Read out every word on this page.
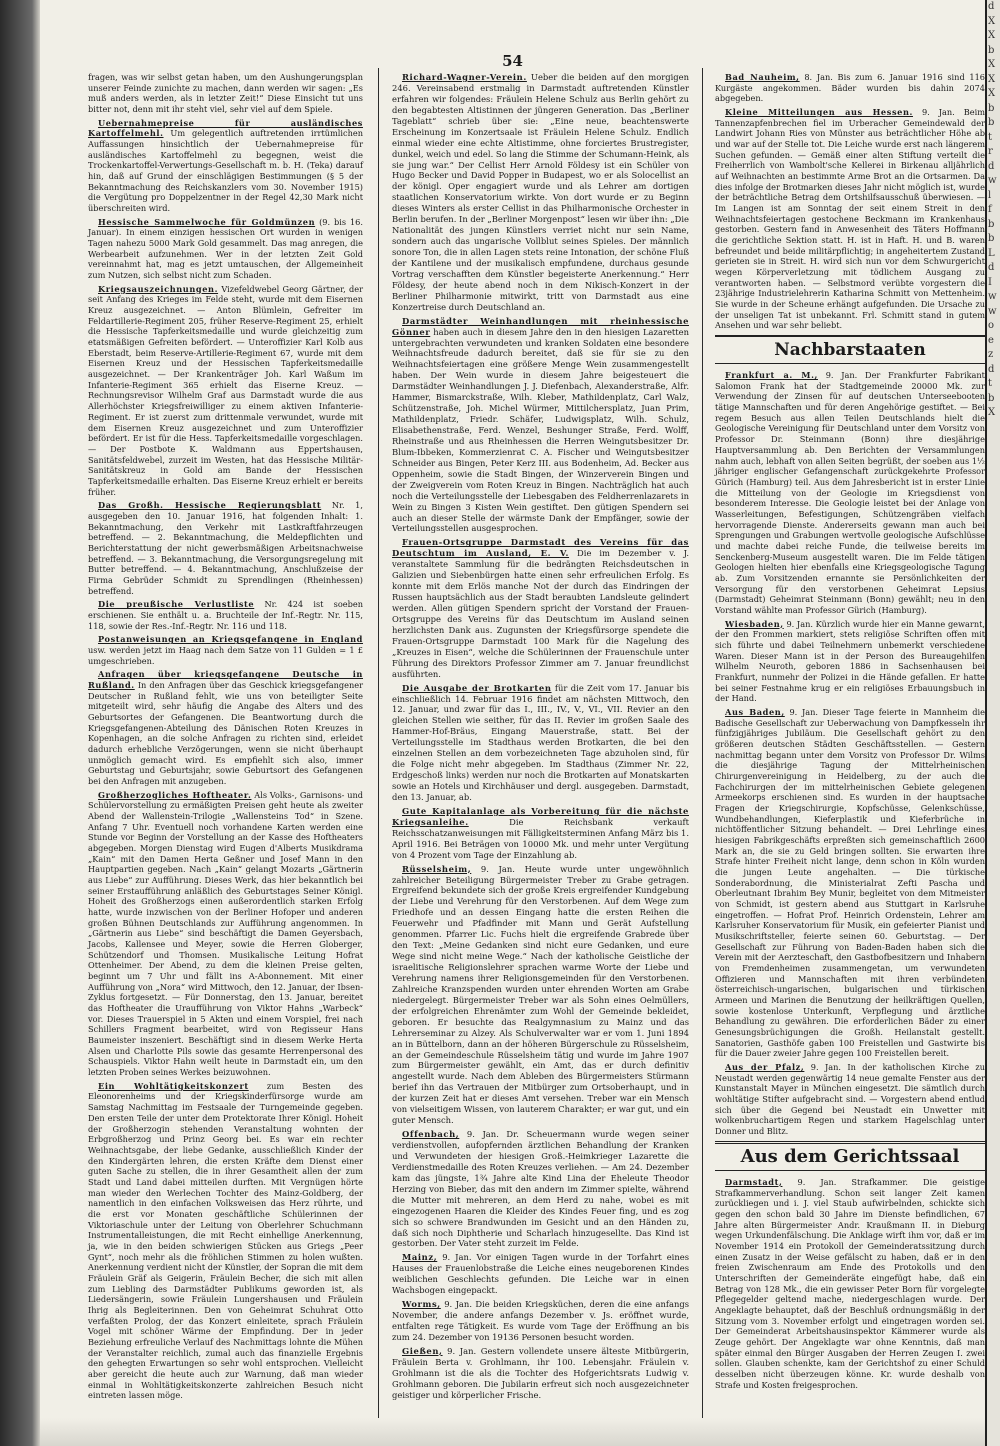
54

fragen, was wir selbst getan haben, um den Aushungerungsplan unserer Feinde zunichte zu machen, dann werden wir sagen: „Es muß anders werden, als in letzter Zeit!“ Diese Einsicht tut uns bitter not, denn mit ihr steht viel, sehr viel auf dem Spiele.

Uebernahmepreise für ausländisches Kartoffelmehl. Um gelegentlich auftretenden irrtümlichen Auffassungen hinsichtlich der Uebernahmepreise für ausländisches Kartoffelmehl zu begegnen, weist die Trockenkartoffel-Verwertungs-Gesellschaft m. b. H. (Teka) darauf hin, daß auf Grund der einschlägigen Bestimmungen (§ 5 der Bekanntmachung des Reichskanzlers vom 30. November 1915) die Vergütung pro Doppelzentner in der Regel 42,30 Mark nicht überschreiten wird.

Hessische Sammelwoche für Goldmünzen (9. bis 16. Januar). In einem einzigen hessischen Ort wurden in wenigen Tagen nahezu 5000 Mark Gold gesammelt. Das mag anregen, die Werbearbeit aufzunehmen. Wer in der letzten Zeit Gold vereinnahmt hat, mag es jetzt umtauschen, der Allgemeinheit zum Nutzen, sich selbst nicht zum Schaden.

Kriegsauszeichnungen. Vizefeldwebel Georg Gärtner, der seit Anfang des Krieges im Felde steht, wurde mit dem Eisernen Kreuz ausgezeichnet. — Anton Blümlein, Gefreiter im Feldartillerie-Regiment 205, früher Reserve-Regiment 25, erhielt die Hessische Tapferkeitsmedaille und wurde gleichzeitig zum etatsmäßigen Gefreiten befördert. — Unteroffizier Karl Kolb aus Eberstadt, beim Reserve-Artillerie-Regiment 67, wurde mit dem Eisernen Kreuz und der Hessischen Tapferkeitsmedaille ausgezeichnet. — Der Krankenträger Joh. Karl Waßum im Infanterie-Regiment 365 erhielt das Eiserne Kreuz. — Rechnungsrevisor Wilhelm Graf aus Darmstadt wurde die aus Allerhöchster Kriegsfreiwilliger zu einem aktiven Infanterie-Regiment. Er ist zuerst zum drittenmale verwundet, wurde mit dem Eisernen Kreuz ausgezeichnet und zum Unteroffizier befördert. Er ist für die Hess. Tapferkeitsmedaille vorgeschlagen. — Der Postbote K. Waldmann aus Eppertshausen, Sanitätsfeldwebel, zurzeit im Westen, hat das Hessische Militär-Sanitätskreuz in Gold am Bande der Hessischen Tapferkeitsmedaille erhalten. Das Eiserne Kreuz erhielt er bereits früher.

Das Großh. Hessische Regierungsblatt Nr. 1, ausgegeben den 10. Januar 1916, hat folgenden Inhalt: 1. Bekanntmachung, den Verkehr mit Lastkraftfahrzeugen betreffend. — 2. Bekanntmachung, die Meldepflichten und Berichterstattung der nicht gewerbsmäßigen Arbeitsnachweise betreffend. — 3. Bekanntmachung, die Versorgungsregelung mit Butter betreffend. — 4. Bekanntmachung, Anschlußzeise der Firma Gebrüder Schmidt zu Sprendlingen (Rheinhessen) betreffend.

Die preußische Verlustliste Nr. 424 ist soeben erschienen. Sie enthält u. a. Bruchteile der Inf.-Regtr. Nr. 115, 118, sowie der Res.-Inf.-Regtr. Nr. 116 und 118.

Postanweisungen an Kriegsgefangene in England usw. werden jetzt im Haag nach dem Satze von 11 Gulden = 1 £ umgeschrieben.

Anfragen über kriegsgefangene Deutsche in Rußland. In den Anfragen über das Geschick kriegsgefangener Deutscher in Rußland fehlt, wie uns von beteiligter Seite mitgeteilt wird, sehr häufig die Angabe des Alters und des Geburtsortes der Gefangenen. Die Beantwortung durch die Kriegsgefangenen-Abteilung des Dänischen Roten Kreuzes in Kopenhagen, an die solche Anfragen zu richten sind, erleidet dadurch erhebliche Verzögerungen, wenn sie nicht überhaupt unmöglich gemacht wird. Es empfiehlt sich also, immer Geburtstag und Geburtsjahr, sowie Geburtsort des Gefangenen bei den Anfragen mit anzugeben.

Großherzogliches Hoftheater. Als Volks-, Garnisons- und Schülervorstellung zu ermäßigten Preisen geht heute als zweiter Abend der Wallenstein-Trilogie „Wallensteins Tod“ in Szene. Anfang 7 Uhr. Eventuell noch vorhandene Karten werden eine Stunde vor Beginn der Vorstellung an der Kasse des Hoftheaters abgegeben. Morgen Dienstag wird Eugen d'Alberts Musikdrama „Kain“ mit den Damen Herta Geßner und Josef Mann in den Hauptpartien gegeben. Nach „Kain“ gelangt Mozarts „Gärtnerin aus Liebe“ zur Aufführung. Dieses Werk, das hier bekanntlich bei seiner Erstaufführung anläßlich des Geburtstages Seiner Königl. Hoheit des Großherzogs einen außerordentlich starken Erfolg hatte, wurde inzwischen von der Berliner Hofoper und anderen großen Bühnen Deutschlands zur Aufführung angenommen. In „Gärtnerin aus Liebe“ sind beschäftigt die Damen Geyersbach, Jacobs, Kallensee und Meyer, sowie die Herren Globerger, Schützendorf und Thomsen. Musikalische Leitung Hofrat Ottenheimer. Der Abend, zu dem die kleinen Preise gelten, beginnt um 7 Uhr und fällt ins A-Abonnement. Mit einer Aufführung von „Nora“ wird Mittwoch, den 12. Januar, der Ibsen-Zyklus fortgesetzt. — Für Donnerstag, den 13. Januar, bereitet das Hoftheater die Uraufführung von Viktor Hahns „Warbeck“ vor. Dieses Trauerspiel in 5 Akten und einem Vorspiel, frei nach Schillers Fragment bearbeitet, wird von Regisseur Hans Baumeister inszeniert. Beschäftigt sind in diesem Werke Herta Alsen und Charlotte Pils sowie das gesamte Herrenpersonal des Schauspiels. Viktor Hahn weilt heute in Darmstadt ein, um den letzten Proben seines Werkes beizuwohnen.

Ein Wohltätigkeitskonzert zum Besten des Eleonorenheims und der Kriegskinderfürsorge wurde am Samstag Nachmittag im Festsaale der Turngemeinde gegeben. Den ersten Teile der unter dem Protektorate Ihrer Königl. Hoheit der Großherzogin stehenden Veranstaltung wohnten der Erbgroßherzog und Prinz Georg bei. Es war ein rechter Weihnachtsgabe, der liebe Gedanke, ausschließlich Kinder der den Kindergärten lehren, die ersten Kräfte dem Dienst einer guten Sache zu stellen, die in ihrer Gesamtheit allen der zum Stadt und Land dabei mitteilen durften. Mit Vergnügen hörte man wieder den Werlechen Tochter des Mainz-Goldberg, der namentlich in den einfachen Volksweisen das Herz rührte, und die erst vor Monaten geschäftliche Schülerinnen der Viktoriaschule unter der Leitung von Oberlehrer Schuchmann Instrumentalleistungen, die mit Recht einhellige Anerkennung, ja, wie in den beiden schwierigen Stücken aus Griegs „Peer Gynt“, noch mehr als die fröhlichen Stimmen zu holen wußten. Anerkennung verdient nicht der Künstler, der Sopran die mit dem Fräulein Gräf als Geigerin, Fräulein Becher, die sich mit allen zum Liebling des Darmstädter Publikums geworden ist, als Liedersängerin, sowie Fräulein Lungershausen und Fräulein Ihrig als Begleiterinnen. Den von Geheimrat Schuhrat Otto verfaßten Prolog, der das Konzert einleitete, sprach Fräulein Vogel mit schöner Wärme der Empfindung. Der in jeder Beziehung erfreuliche Verlauf des Nachmittags lohnte die Mühen der Veranstalter reichlich, zumal auch das finanzielle Ergebnis den gehegten Erwartungen so sehr wohl entsprochen. Vielleicht aber gereicht die heute auch zur Warnung, daß man wieder einmal in Wohltätigkeitskonzerte zahlreichen Besuch nicht eintreten lassen möge.

Richard-Wagner-Verein. Ueber die beiden auf den morgigen 246. Vereinsabend erstmalig in Darmstadt auftretenden Künstler erfahren wir folgendes: Fräulein Helene Schulz aus Berlin gehört zu den begabtesten Altistinnen der jüngeren Generation. Das „Berliner Tageblatt“ schrieb über sie: „Eine neue, beachtenswerte Erscheinung im Konzertsaale ist Fräulein Helene Schulz. Endlich einmal wieder eine echte Altistimme, ohne forciertes Brustregister, dunkel, weich und edel. So lang die Stimme der Schumann-Heink, als sie jung war.“ Der Cellist Herr Arnold Földesy ist ein Schüler von Hugo Becker und David Popper in Budapest, wo er als Solocellist an der königl. Oper engagiert wurde und als Lehrer am dortigen staatlichen Konservatorium wirkte. Von dort wurde er zu Beginn dieses Winters als erster Cellist in das Philharmonische Orchester in Berlin berufen. In der „Berliner Morgenpost“ lesen wir über ihn: „Die Nationalität des jungen Künstlers verriet nicht nur sein Name, sondern auch das ungarische Vollblut seines Spieles. Der männlich sonore Ton, die in allen Lagen stets reine Intonation, der schöne Fluß der Kantilene und der musikalisch empfundene, durchaus gesunde Vortrag verschafften dem Künstler begeisterte Anerkennung.“ Herr Földesy, der heute abend noch in dem Nikisch-Konzert in der Berliner Philharmonie mitwirkt, tritt von Darmstadt aus eine Konzertreise durch Deutschland an.

Darmstädter Weinhandlungen mit rheinhessische Gönner haben auch in diesem Jahre den in den hiesigen Lazaretten untergebrachten verwundeten und kranken Soldaten eine besondere Weihnachtsfreude dadurch bereitet, daß sie für sie zu den Weihnachtsfeiertagen eine größere Menge Wein zusammengestellt haben. Der Wein wurde in diesem Jahre beigesteuert die Darmstädter Weinhandlungen J. J. Diefenbach, Alexanderstraße, Alfr. Hammer, Bismarckstraße, Wilh. Kleber, Mathildenplatz, Carl Walz, Schützenstraße, Joh. Michel Würmer, Mittilchersplatz, Juan Prim, Mathildenplatz, Friedr. Schäfer, Ludwigsplatz, Wilh. Schulz, Elisabethenstraße, Ferd. Wenzel, Beshunger Straße, Ferd. Wolff, Rheinstraße und aus Rheinhessen die Herren Weingutsbesitzer Dr. Blum-Ibbeken, Kommerzienrat C. A. Fischer und Weingutsbesitzer Schneider aus Bingen, Peter Kerz III. aus Bodenheim, Ad. Becker aus Oppenheim, sowie die Stadt Bingen, der Winzerverein Bingen und der Zweigverein vom Roten Kreuz in Bingen. Nachträglich hat auch noch die Verteilungsstelle der Liebesgaben des Feldherrenlazarets in Wein zu Bingen 3 Kisten Wein gestiftet. Den gütigen Spendern sei auch an dieser Stelle der wärmste Dank der Empfänger, sowie der Verteilungsstellen ausgesprochen.

Frauen-Ortsgruppe Darmstadt des Vereins für das Deutschtum im Ausland, E. V. Die im Dezember v. J. veranstaltete Sammlung für die bedrängten Reichsdeutschen in Galizien und Siebenbürgen hatte einen sehr erfreulichen Erfolg. Es konnte mit dem Erlös manche Not der durch das Eindringen der Russen hauptsächlich aus der Stadt beraubten Landsleute gelindert werden. Allen gütigen Spendern spricht der Vorstand der Frauen-Ortsgruppe des Vereins für das Deutschtum im Ausland seinen herzlichsten Dank aus. Zugunsten der Kriegsfürsorge spendete die Frauen-Ortsgruppe Darmstadt 100 Mark für die Nagelung des „Kreuzes in Eisen“, welche die Schülerinnen der Frauenschule unter Führung des Direktors Professor Zimmer am 7. Januar freundlichst ausführten.

Die Ausgabe der Brotkarten für die Zeit vom 17. Januar bis einschließlich 14. Februar 1916 findet am nächsten Mittwoch, den 12. Januar, und zwar für das I., III., IV., V., VI., VII. Revier an den gleichen Stellen wie seither, für das II. Revier im großen Saale des Hammer-Hof-Bräus, Eingang Mauerstraße, statt. Bei der Verteilungsstelle im Stadthaus werden Brotkarten, die bei den einzelnen Stellen an dem vorbezeichneten Tage abzuholen sind, für die Folge nicht mehr abgegeben. Im Stadthaus (Zimmer Nr. 22, Erdgeschoß links) werden nur noch die Brotkarten auf Monatskarten sowie an Hotels und Kirchhäuser und dergl. ausgegeben. Darmstadt, den 13. Januar, ab.

Gute Kapitalanlage als Vorbereitung für die nächste Kriegsanleihe.	Die Reichsbank verkauft Reichsschatzanweisungen mit Fälligkeitsterminen Anfang März bis 1. April 1916. Bei Beträgen von 10000 Mk. und mehr unter Vergütung von 4 Prozent vom Tage der Einzahlung ab.

Rüsselsheim, 9. Jan. Heute wurde unter ungewöhnlich zahlreicher Beteiligung Bürgermeister Treber zu Grabe getragen. Ergreifend bekundete sich der große Kreis ergreifender Kundgebung der Liebe und Verehrung für den Verstorbenen. Auf dem Wege zum Friedhofe und an dessen Eingang hatte die ersten Reihen die Feuerwehr und Pfadfinder mit Mann und Gerät Aufstellung genommen. Pfarrer Lic. Fuchs hielt die ergreifende Grabrede über den Text: „Meine Gedanken sind nicht eure Gedanken, und eure Wege sind nicht meine Wege.“ Nach der katholische Geistliche der israelitische Religionslehrer sprachen warme Worte der Liebe und Verehrung namens ihrer Religionsgemeinden für den Verstorbenen. Zahlreiche Kranzspenden wurden unter ehrenden Worten am Grabe niedergelegt. Bürgermeister Treber war als Sohn eines Oelmüllers, der erfolgreichen Ehrenämter zum Wohl der Gemeinde bekleidet, geboren. Er besuchte das Realgymnasium zu Mainz und das Lehrerseminar zu Alzey. Als Schulverwalter war er vom 1. Juni 1894 an in Büttelborn, dann an der höheren Bürgerschule zu Rüsselsheim, an der Gemeindeschule Rüsselsheim tätig und wurde im Jahre 1907 zum Bürgermeister gewählt, ein Amt, das er durch definitiv angestellt wurde. Nach dem Ableben des Bürgermeisters Stürmann berief ihn das Vertrauen der Mitbürger zum Ortsoberhaupt, und in der kurzen Zeit hat er dieses Amt versehen. Treber war ein Mensch von vielseitigem Wissen, von lauterem Charakter; er war gut, und ein guter Mensch.

Offenbach, 9. Jan. Dr. Scheuermann wurde wegen seiner verdienstvollen, aufopfernden ärztlichen Behandlung der Kranken und Verwundeten der hiesigen Groß.-Heimkrieger Lazarette die Verdienstmedaille des Roten Kreuzes verliehen. — Am 24. Dezember kam das jüngste, 1¾ Jahre alte Kind Lina der Eheleute Theodor Herzing von Bieber, das mit den andern im Zimmer spielte, während die Mutter mit mehreren, an dem Herd zu nahe, wobei es mit eingezogenen Haaren die Kleider des Kindes Feuer fing, und es zog sich so schwere Brandwunden im Gesicht und an den Händen zu, daß sich noch Diphtherie und Scharlach hinzugesellte. Das Kind ist gestorben. Der Vater steht zurzeit im Felde.

Mainz, 9. Jan. Vor einigen Tagen wurde in der Torfahrt eines Hauses der Frauenlobstraße die Leiche eines neugeborenen Kindes weiblichen Geschlechts gefunden. Die Leiche war in einen Wachsbogen eingepackt.

Worms, 9. Jan. Die beiden Kriegsküchen, deren die eine anfangs November, die andere anfangs Dezember v. Js. eröffnet wurde, entfalten rege Tätigkeit. Es wurde vom Tage der Eröffnung an bis zum 24. Dezember von 19136 Personen besucht worden.

Gießen, 9. Jan. Gestern vollendete unsere älteste Mitbürgerin, Fräulein Berta v. Grohlmann, ihr 100. Lebensjahr. Fräulein v. Grohlmann ist die als die Tochter des Hofgerichtsrats Ludwig v. Grohlmann geboren. Die Jubilarin erfreut sich noch ausgezeichneter geistiger und körperlicher Frische.

Bad Nauheim, 8. Jan. Bis zum 6. Januar 1916 sind 116 Kurgäste angekommen. Bäder wurden bis dahin 2074 abgegeben.

Kleine Mitteilungen aus Hessen. 9. Jan. Beim Tannenzapfenbrechen fiel im Urberacher Gemeindewald der Landwirt Johann Ries von Münster aus beträchtlicher Höhe ab und war auf der Stelle tot. Die Leiche wurde erst nach längerem Suchen gefunden. — Gemäß einer alten Stiftung verteilt die Freiherrlich von Wambolt'sche Kellerei in Birkenau alljährlich auf Weihnachten an bestimmte Arme Brot an die Ortsarmen. Da dies infolge der Brotmarken dieses Jahr nicht möglich ist, wurde der beträchtliche Betrag dem Ortshilfsausschuß überwiesen. — Im Langen ist am Sonntag der seit einem Streit in den Weihnachtsfeiertagen gestochene Beckmann im Krankenhaus gestorben. Gestern fand in Anwesenheit des Täters Hoffmann die gerichtliche Sektion statt. H. ist in Haft. H. und B. waren befreundet und beide militärpflichtig; in angeheitertem Zustand gerieten sie in Streit. H. wird sich nun vor dem Schwurgericht wegen Körperverletzung mit tödlichem Ausgang zu verantworten haben. — Selbstmord verübte vorgestern die 23jährige Industrielehrerin Katharina Schmitt von Mettenheim. Sie wurde in der Scheune erhängt aufgefunden. Die Ursache zu der unseligen Tat ist unbekannt. Frl. Schmitt stand in gutem Ansehen und war sehr beliebt.

Nachbarstaaten

Frankfurt a. M., 9. Jan. Der Frankfurter Fabrikant Salomon Frank hat der Stadtgemeinde 20000 Mk. zur Verwendung der Zinsen für auf deutschen Unterseebooten tätige Mannschaften und für deren Angehörige gestiftet. — Bei regem Besuch aus allen Teilen Deutschlands hielt die Geologische Vereinigung für Deutschland unter dem Vorsitz von Professor Dr. Steinmann (Bonn) ihre diesjährige Hauptversammlung ab. Den Berichten der Versammlungen nahm auch, lebhaft von allen Seiten begrüßt, der soeben aus 1½ jähriger englischer Gefangenschaft zurückgekehrte Professor Gürich (Hamburg) teil. Aus dem Jahresbericht ist in erster Linie die Mitteilung von der Geologie im Kriegsdienst von besonderem Interesse. Die Geologie leistet bei der Anlage von Wasserleitungen, Befestigungen, Schützengräben vielfach hervorragende Dienste. Andererseits gewann man auch bei Sprengungen und Grabungen wertvolle geologische Aufschlüsse und machte dabei reiche Funde, die teilweise bereits im Senckenberg-Museum ausgestellt waren. Die im Felde tätigen Geologen hielten hier ebenfalls eine Kriegsgeologische Tagung ab. Zum Vorsitzenden ernannte sie Persönlichkeiten der Versorgung für den verstorbenen Geheimrat Lepsius (Darmstadt) Geheimrat Steinmann (Bonn) gewählt; neu in den Vorstand wählte man Professor Gürich (Hamburg).

Wiesbaden, 9. Jan. Kürzlich wurde hier ein Manne gewarnt, der den Frommen markiert, stets religiöse Schriften offen mit sich führte und dabei Teilnehmern unbemerkt verschiedene Waren. Dieser Mann ist in der Person des Bureaugehilfen Wilhelm Neuroth, geboren 1886 in Sachsenhausen bei Frankfurt, nunmehr der Polizei in die Hände gefallen. Er hatte bei seiner Festnahme krug er ein religiöses Erbauungsbuch in der Hand.

Aus Baden, 9. Jan. Dieser Tage feierte in Mannheim die Badische Gesellschaft zur Ueberwachung von Dampfkesseln ihr fünfzigjähriges Jubiläum. Die Gesellschaft gehört zu den größeren deutschen Städten Geschäftsstellen. — Gestern nachmittag begann unter dem Vorsitz von Professor Dr. Wilms die diesjährige Tagung der Mittelrheinischen Chirurgenvereinigung in Heidelberg, zu der auch die Fachchirurgen der im mittelrheinischen Gebiete gelegenen Armeekorps erschienen sind. Es wurden in der hauptsache Fragen der Kriegschirurgie, Kopfschüsse, Gelenkschüsse, Wundbehandlungen, Kieferplastik und Kieferbrüche in nichtöffentlicher Sitzung behandelt. — Drei Lehrlinge eines hiesigen Fabrikgeschäfts erpreßten sich gemeinschaftlich 2600 Mark an, die sie zu Geld bringen sollten. Sie erwarten ihre Strafe hinter Freiheit nicht lange, denn schon in Köln wurden die jungen Leute angehalten. — Die türkische Sonderabordnung, die Ministerialrat Zefti Pascha und Oberleutnant Ibrahim Bey Munir, begleitet von dem Mitmeister von Schmidt, ist gestern abend aus Stuttgart in Karlsruhe eingetroffen. — Hofrat Prof. Heinrich Ordenstein, Lehrer am Karlsruher Konservatorium für Musik, ein gefeierter Pianist und Musikschriftsteller, feierte seinen 60. Geburtstag. — Der Gesellschaft zur Führung von Baden-Baden haben sich die Verein mit der Aerzteschaft, den Gastbofbesitzern und Inhabern von Fremdenheimen zusammengetan, um verwundeten Offizieren und Mannschaften mit ihren verbündeten österreichisch-ungarischen, bulgarischen und türkischen Armeen und Marinen die Benutzung der heilkräftigen Quellen, sowie kostenlose Unterkunft, Verpflegung und ärztliche Behandlung zu gewähren. Die erforderlichen Bäder zu einer Genesungsbrüchigungen die Großh. Heilanstalt gestellt. Sanatorien, Gasthöfe gaben 100 Freistellen und Gastwirte bis für die Dauer zweier Jahre gegen 100 Freistellen bereit.

Aus der Pfalz, 9. Jan. In der katholischen Kirche zu Neustadt werden gegenwärtig 14 neue gemalte Fenster aus der Kunstanstalt Mayer in München eingesetzt. Die sämtlich durch wohltätige Stifter aufgebracht sind. — Vorgestern abend entlud sich über die Gegend bei Neustadt ein Unwetter mit wolkenbruchartigem Regen und starkem Hagelschlag unter Donner und Blitz.

Aus dem Gerichtssaal

Darmstadt, 9. Jan. Strafkammer. Die geistige Strafkammerverhandlung. Schon seit langer Zeit kamen zurückliegen und i. J. viel Staub aufwirbelnden, schickte sich gegen den schon bald 30 Jahre im Dienste befindlichen, 67 Jahre alten Bürgermeister Andr. Kraußmann II. in Dieburg wegen Urkundenfälschung. Die Anklage wirft ihm vor, daß er im November 1914 ein Protokoll der Gemeinderatssitzung durch einen Zusatz in der Weise gefälscht zu haben, daß er in den freien Zwischenraum am Ende des Protokolls und den Unterschriften der Gemeinderäte eingefügt habe, daß ein Betrag von 128 Mk., die ein gewisser Peter Born für vorgelegte Pflegegelder geltend mache, niedergeschlagen wurde. Der Angeklagte behauptet, daß der Beschluß ordnungsmäßig in der Sitzung vom 3. November erfolgt und eingetragen worden sei. Der Gemeinderat Arbeitshausinspektor Kämmerer wurde als Zeuge gehört. Der Angeklagte war ohne Kenntnis, daß man später einmal den Bürger Ausgaben der Herren Zeugen I. zwei sollen. Glauben schenkte, kam der Gerichtshof zu einer Schuld desselben nicht überzeugen könne. Kr. wurde deshalb von Strafe und Kosten freigesprochen.

d
X
X
b
X
X
X
b
b
t
r
d
w
l
f
b
b
L
d
I
w
w
o
e
z
d
t
b
X
